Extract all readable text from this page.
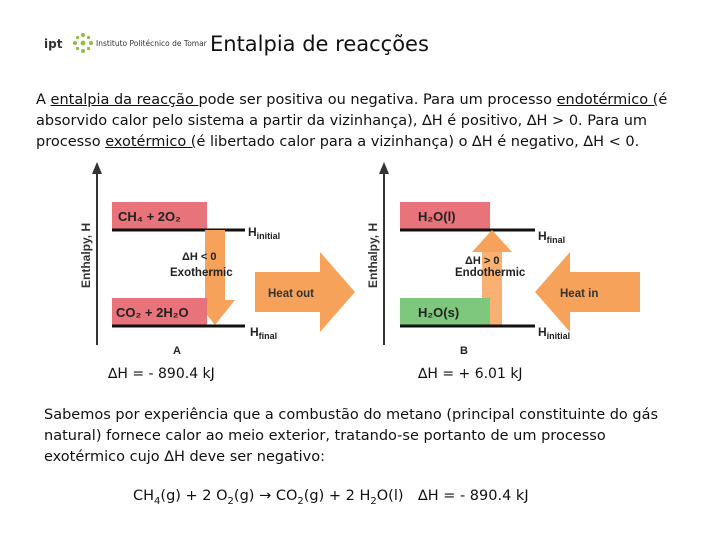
ipt	Instituto Politécnico de Tomar Entalpia de reacções
A entalpia da reacção pode ser positiva ou negativa. Para um processo endotérmico (é absorvido calor pelo sistema a partir da vizinhança), ∆H é positivo, ∆H > 0. Para um processo exotérmico (é libertado calor para a vizinhança) o ∆H é negativo, ∆H < 0.
Enthalpy, H
CH₄ + 2O₂
$H_{initial}$
ΔH < 0
Exothermic
CO₂ + 2H₂O
$H_{final}$
Heat out
A
Enthalpy, H
H₂O(l)
$H_{final}$
ΔH > 0
Endothermic
H₂O(s)
$H_{initial}$
Heat in
B
∆H = - 890.4 kJ	∆H = + 6.01 kJ
Sabemos por experiência que a combustão do metano (principal constituinte do gás natural) fornece calor ao meio exterior, tratando-se portanto de um processo exotérmico cujo ∆H deve ser negativo:
$CH_4(g) + 2$ $O_2(g) \to CO_2(g) + 2$ $H_2O(l) \Delta H$ = - 890.4 kJ
